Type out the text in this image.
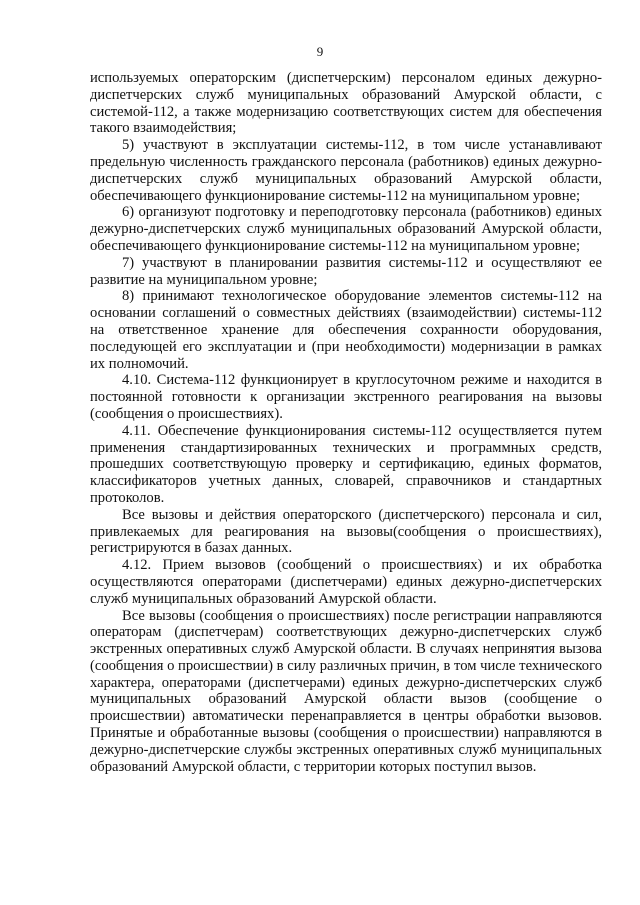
9

используемых операторским (диспетчерским) персоналом единых дежурно-диспетчерских служб муниципальных образований Амурской области, с системой-112, а также модернизацию соответствующих систем для обеспечения такого взаимодействия;

5) участвуют в эксплуатации системы-112, в том числе устанавливают предельную численность гражданского персонала (работников) единых дежурно-диспетчерских служб муниципальных образований Амурской области, обеспечивающего функционирование системы-112 на муниципальном уровне;

6) организуют подготовку и переподготовку персонала (работников) единых дежурно-диспетчерских служб муниципальных образований Амурской области, обеспечивающего функционирование системы-112 на муниципальном уровне;

7) участвуют в планировании развития системы-112 и осуществляют ее развитие на муниципальном уровне;

8) принимают технологическое оборудование элементов системы-112 на основании соглашений о совместных действиях (взаимодействии) системы-112 на ответственное хранение для обеспечения сохранности оборудования, последующей его эксплуатации и (при необходимости) модернизации в рамках их полномочий.

4.10. Система-112 функционирует в круглосуточном режиме и находится в постоянной готовности к организации экстренного реагирования на вызовы (сообщения о происшествиях).

4.11. Обеспечение функционирования системы-112 осуществляется путем применения стандартизированных технических и программных средств, прошедших соответствующую проверку и сертификацию, единых форматов, классификаторов учетных данных, словарей, справочников и стандартных протоколов.

Все вызовы и действия операторского (диспетчерского) персонала и сил, привлекаемых для реагирования на вызовы(сообщения о происшествиях), регистрируются в базах данных.

4.12. Прием вызовов (сообщений о происшествиях) и их обработка осуществляются операторами (диспетчерами) единых дежурно-диспетчерских служб муниципальных образований Амурской области.

Все вызовы (сообщения о происшествиях) после регистрации направляются операторам (диспетчерам) соответствующих дежурно-диспетчерских служб экстренных оперативных служб Амурской области. В случаях непринятия вызова (сообщения о происшествии) в силу различных причин, в том числе технического характера, операторами (диспетчерами) единых дежурно-диспетчерских служб муниципальных образований Амурской области вызов (сообщение о происшествии) автоматически перенаправляется в центры обработки вызовов. Принятые и обработанные вызовы (сообщения о происшествии) направляются в дежурно-диспетчерские службы экстренных оперативных служб муниципальных образований Амурской области, с территории которых поступил вызов.
